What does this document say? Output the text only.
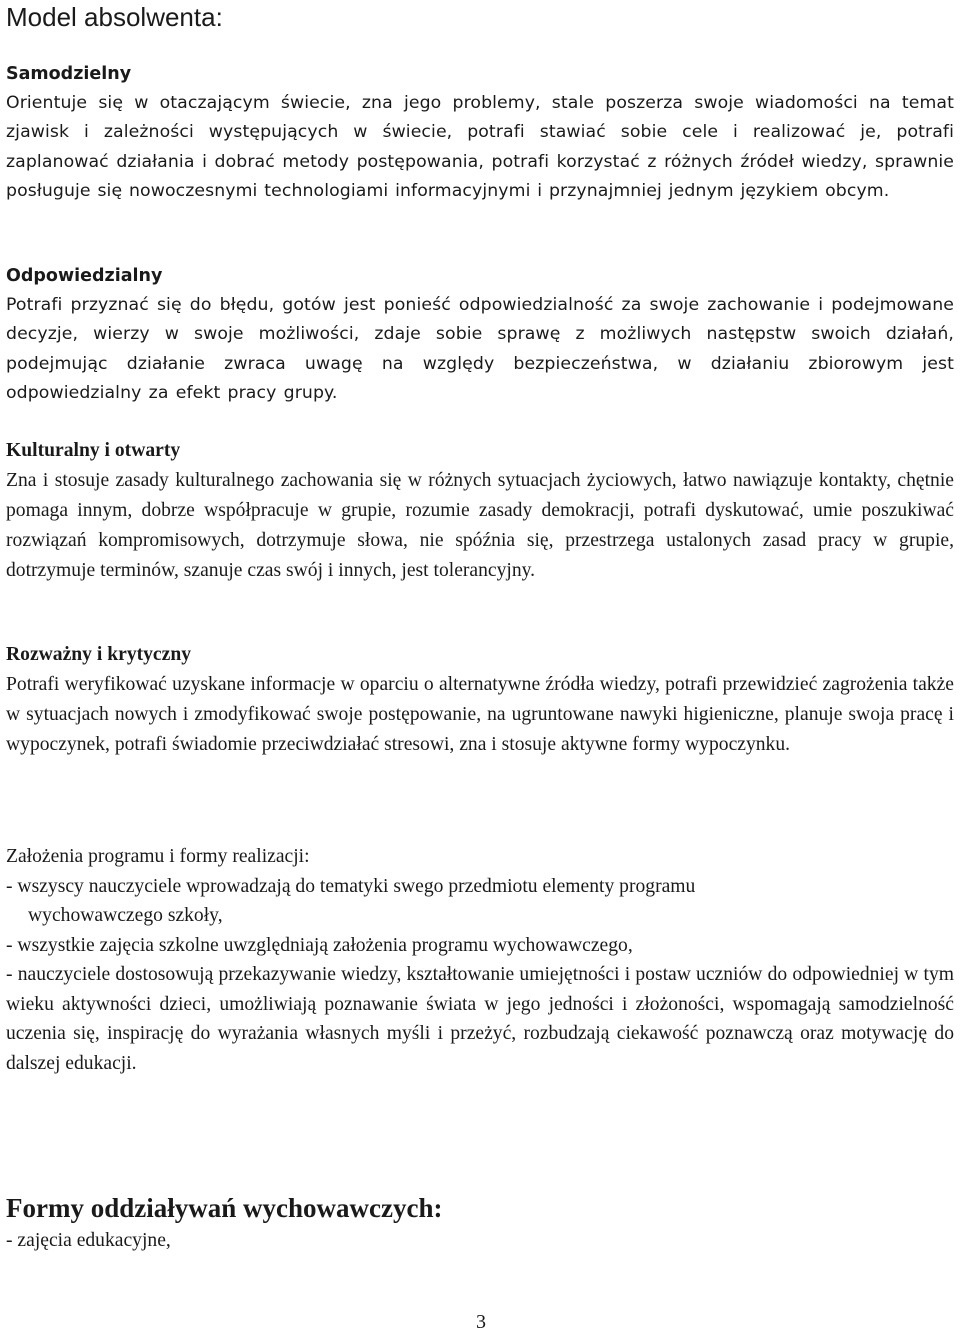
Model absolwenta:
Samodzielny

Orientuje się w otaczającym świecie, zna jego problemy, stale poszerza swoje wiadomości na temat zjawisk i zależności występujących w świecie, potrafi stawiać sobie cele i realizować je, potrafi zaplanować działania i dobrać metody postępowania, potrafi korzystać z różnych źródeł wiedzy, sprawnie posługuje się nowoczesnymi technologiami informacyjnymi i przynajmniej jednym językiem obcym.

Odpowiedzialny

Potrafi przyznać się do błędu, gotów jest ponieść odpowiedzialność za swoje zachowanie i podejmowane decyzje, wierzy w swoje możliwości, zdaje sobie sprawę z możliwych następstw swoich działań, podejmując działanie zwraca uwagę na względy bezpieczeństwa, w działaniu zbiorowym jest odpowiedzialny za efekt pracy grupy.

Kulturalny i otwarty

Zna i stosuje zasady kulturalnego zachowania się w różnych sytuacjach życiowych, łatwo nawiązuje kontakty, chętnie pomaga innym, dobrze współpracuje w grupie, rozumie zasady demokracji, potrafi dyskutować, umie poszukiwać rozwiązań kompromisowych, dotrzymuje słowa, nie spóźnia się, przestrzega ustalonych zasad pracy w grupie, dotrzymuje terminów, szanuje czas swój i innych, jest tolerancyjny.

Rozważny i krytyczny

Potrafi weryfikować uzyskane informacje w oparciu o alternatywne źródła wiedzy, potrafi przewidzieć zagrożenia także w sytuacjach nowych i zmodyfikować swoje postępowanie, na ugruntowane nawyki higieniczne, planuje swoja pracę i wypoczynek, potrafi świadomie przeciwdziałać stresowi, zna i stosuje aktywne formy wypoczynku.

Założenia programu i formy realizacji:

- wszyscy nauczyciele wprowadzają do tematyki swego przedmiotu elementy programu
wychowawczego szkoły,

- wszystkie zajęcia szkolne uwzględniają założenia programu wychowawczego,

- nauczyciele dostosowują przekazywanie wiedzy, kształtowanie umiejętności i postaw uczniów do odpowiedniej w tym wieku aktywności dzieci, umożliwiają poznawanie świata w jego jedności i złożoności, wspomagają samodzielność uczenia się, inspirację do wyrażania własnych myśli i przeżyć, rozbudzają ciekawość poznawczą oraz motywację do dalszej edukacji.

Formy oddziaływań wychowawczych:

- zajęcia edukacyjne,

3
